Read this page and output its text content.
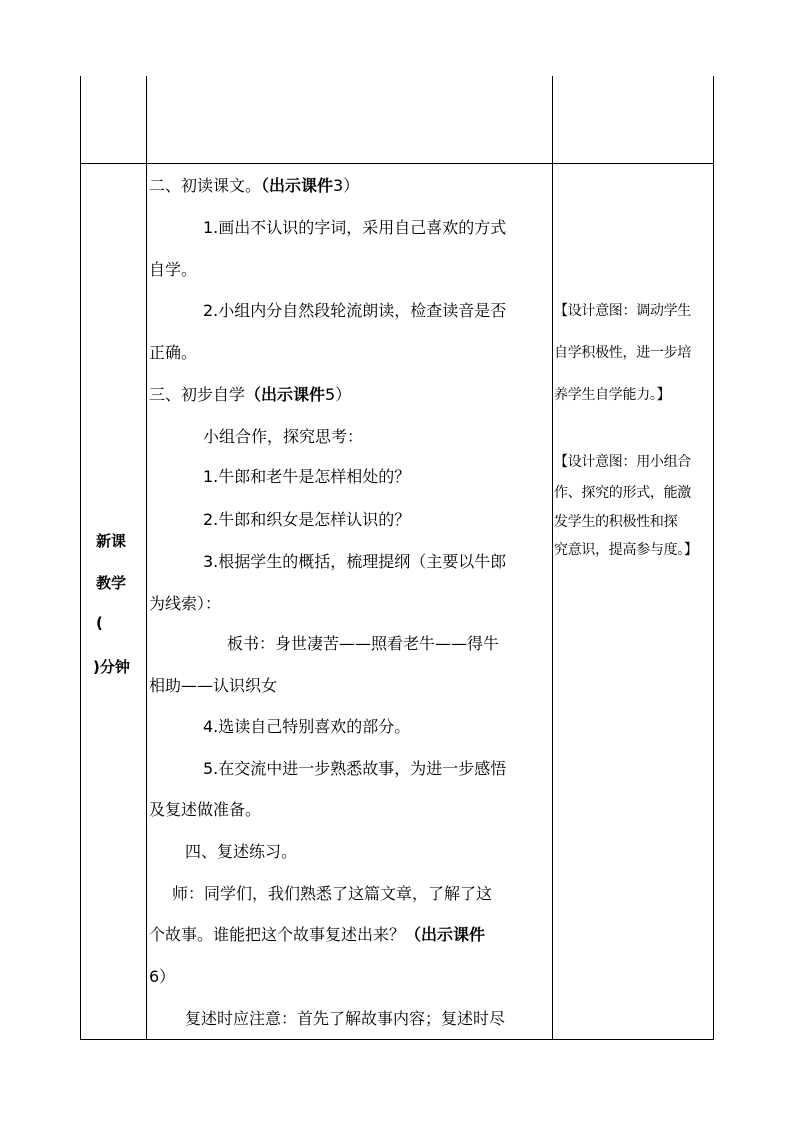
新课
教学
(
)分钟
二、初读课文。（出示课件3）
1.画出不认识的字词，采用自己喜欢的方式
自学。
2.小组内分自然段轮流朗读，检查读音是否
正确。
三、初步自学（出示课件5）
小组合作，探究思考：
1.牛郎和老牛是怎样相处的？
2.牛郎和织女是怎样认识的？
3.根据学生的概括，梳理提纲（主要以牛郎
为线索）：
板书：身世凄苦——照看老牛——得牛
相助——认识织女
4.选读自己特别喜欢的部分。
5.在交流中进一步熟悉故事，为进一步感悟
及复述做准备。
四、复述练习。
师：同学们，我们熟悉了这篇文章，了解了这
个故事。谁能把这个故事复述出来？（出示课件
6）
复述时应注意：首先了解故事内容；复述时尽
【设计意图：调动学生
自学积极性，进一步培
养学生自学能力。】
【设计意图：用小组合
作、探究的形式，能激
发学生的积极性和探
究意识，提高参与度。】
